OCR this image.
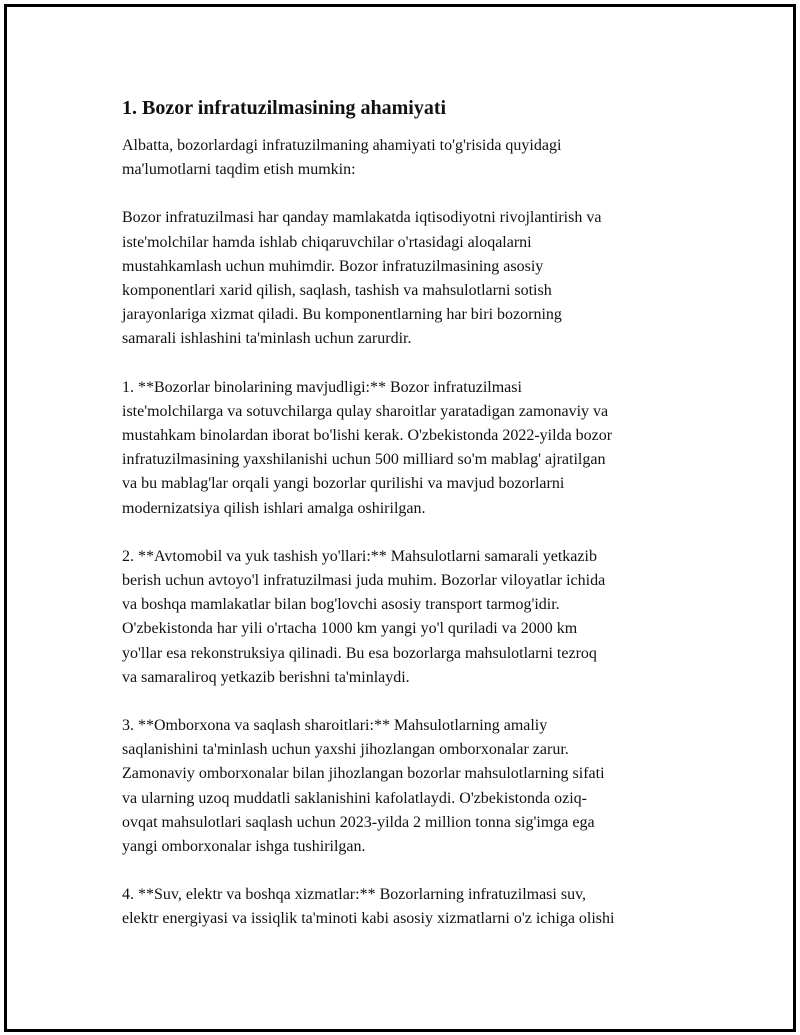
1. Bozor infratuzilmasining ahamiyati
Albatta, bozorlardagi infratuzilmaning ahamiyati to'g'risida quyidagi
ma'lumotlarni taqdim etish mumkin:
Bozor infratuzilmasi har qanday mamlakatda iqtisodiyotni rivojlantirish va
iste'molchilar hamda ishlab chiqaruvchilar o'rtasidagi aloqalarni
mustahkamlash uchun muhimdir. Bozor infratuzilmasining asosiy
komponentlari xarid qilish, saqlash, tashish va mahsulotlarni sotish
jarayonlariga xizmat qiladi. Bu komponentlarning har biri bozorning
samarali ishlashini ta'minlash uchun zarurdir.
1. **Bozorlar binolarining mavjudligi:** Bozor infratuzilmasi
iste'molchilarga va sotuvchilarga qulay sharoitlar yaratadigan zamonaviy va
mustahkam binolardan iborat bo'lishi kerak. O'zbekistonda 2022-yilda bozor
infratuzilmasining yaxshilanishi uchun 500 milliard so'm mablag' ajratilgan
va bu mablag'lar orqali yangi bozorlar qurilishi va mavjud bozorlarni
modernizatsiya qilish ishlari amalga oshirilgan.
2. **Avtomobil va yuk tashish yo'llari:** Mahsulotlarni samarali yetkazib
berish uchun avtoyo'l infratuzilmasi juda muhim. Bozorlar viloyatlar ichida
va boshqa mamlakatlar bilan bog'lovchi asosiy transport tarmog'idir.
O'zbekistonda har yili o'rtacha 1000 km yangi yo'l quriladi va 2000 km
yo'llar esa rekonstruksiya qilinadi. Bu esa bozorlarga mahsulotlarni tezroq
va samaraliroq yetkazib berishni ta'minlaydi.
3. **Omborxona va saqlash sharoitlari:** Mahsulotlarning amaliy
saqlanishini ta'minlash uchun yaxshi jihozlangan omborxonalar zarur.
Zamonaviy omborxonalar bilan jihozlangan bozorlar mahsulotlarning sifati
va ularning uzoq muddatli saklanishini kafolatlaydi. O'zbekistonda oziq-
ovqat mahsulotlari saqlash uchun 2023-yilda 2 million tonna sig'imga ega
yangi omborxonalar ishga tushirilgan.
4. **Suv, elektr va boshqa xizmatlar:** Bozorlarning infratuzilmasi suv,
elektr energiyasi va issiqlik ta'minoti kabi asosiy xizmatlarni o'z ichiga olishi
